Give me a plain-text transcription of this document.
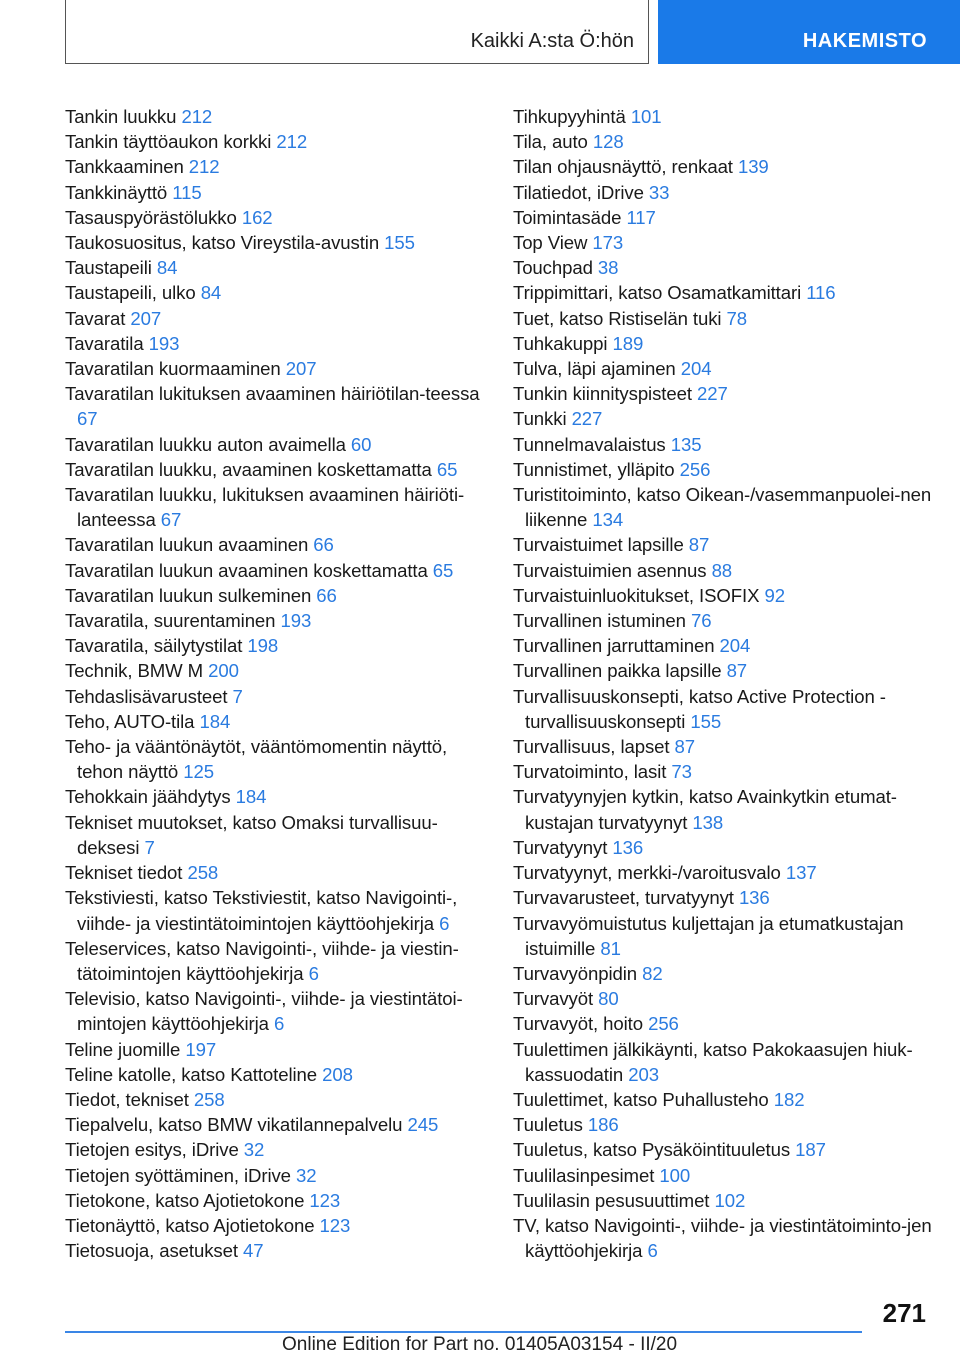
Kaikki A:sta Ö:hön	HAKEMISTO
Tankin luukku 212
Tankin täyttöaukon korkki 212
Tankkaaminen 212
Tankkinäyttö 115
Tasauspyörästölukko 162
Taukosuositus, katso Vireystila-avustin 155
Taustapeili 84
Taustapeili, ulko 84
Tavarat 207
Tavaratila 193
Tavaratilan kuormaaminen 207
Tavaratilan lukituksen avaaminen häiriötilan-teessa 67
Tavaratilan luukku auton avaimella 60
Tavaratilan luukku, avaaminen koskettamatta 65
Tavaratilan luukku, lukituksen avaaminen häiriöti-lanteessa 67
Tavaratilan luukun avaaminen 66
Tavaratilan luukun avaaminen koskettamatta 65
Tavaratilan luukun sulkeminen 66
Tavaratila, suurentaminen 193
Tavaratila, säilytystilat 198
Technik, BMW M 200
Tehdaslisävarusteet 7
Teho, AUTO-tila 184
Teho- ja vääntönäytöt, vääntömomentin näyttö, tehon näyttö 125
Tehokkain jäähdytys 184
Tekniset muutokset, katso Omaksi turvallisuu-deksesi 7
Tekniset tiedot 258
Tekstiviesti, katso Tekstiviestit, katso Navigointi-, viihde- ja viestintätoimintojen käyttöohjekirja 6
Teleservices, katso Navigointi-, viihde- ja viestin-tätoimintojen käyttöohjekirja 6
Televisio, katso Navigointi-, viihde- ja viestintätoi-mintojen käyttöohjekirja 6
Teline juomille 197
Teline katolle, katso Kattoteline 208
Tiedot, tekniset 258
Tiepalvelu, katso BMW vikatilannepalvelu 245
Tietojen esitys, iDrive 32
Tietojen syöttäminen, iDrive 32
Tietokone, katso Ajotietokone 123
Tietonäyttö, katso Ajotietokone 123
Tietosuoja, asetukset 47
Tihkupyyhintä 101
Tila, auto 128
Tilan ohjausnäyttö, renkaat 139
Tilatiedot, iDrive 33
Toimintasäde 117
Top View 173
Touchpad 38
Trippimittari, katso Osamatkamittari 116
Tuet, katso Ristiselän tuki 78
Tuhkakuppi 189
Tulva, läpi ajaminen 204
Tunkin kiinnityspisteet 227
Tunkki 227
Tunnelmavalaistus 135
Tunnistimet, ylläpito 256
Turistitoiminto, katso Oikean-/vasemmanpuolei-nen liikenne 134
Turvaistuimet lapsille 87
Turvaistuimien asennus 88
Turvaistuinluokitukset, ISOFIX 92
Turvallinen istuminen 76
Turvallinen jarruttaminen 204
Turvallinen paikka lapsille 87
Turvallisuuskonsepti, katso Active Protection -turvallisuuskonsepti 155
Turvallisuus, lapset 87
Turvatoiminto, lasit 73
Turvatyynyjen kytkin, katso Avainkytkin etumat-kustajan turvatyynyt 138
Turvatyynyt 136
Turvatyynyt, merkki-/varoitusvalo 137
Turvavarusteet, turvatyynyt 136
Turvavyömuistutus kuljettajan ja etumatkustajan istuimille 81
Turvavyönpidin 82
Turvavyöt 80
Turvavyöt, hoito 256
Tuulettimen jälkikäynti, katso Pakokaasujen hiuk-kassuodatin 203
Tuulettimet, katso Puhallusteho 182
Tuuletus 186
Tuuletus, katso Pysäköintituuletus 187
Tuulilasinpesimet 100
Tuulilasin pesusuuttimet 102
TV, katso Navigointi-, viihde- ja viestintätoiminto-jen käyttöohjekirja 6
271
Online Edition for Part no. 01405A03154 - II/20
